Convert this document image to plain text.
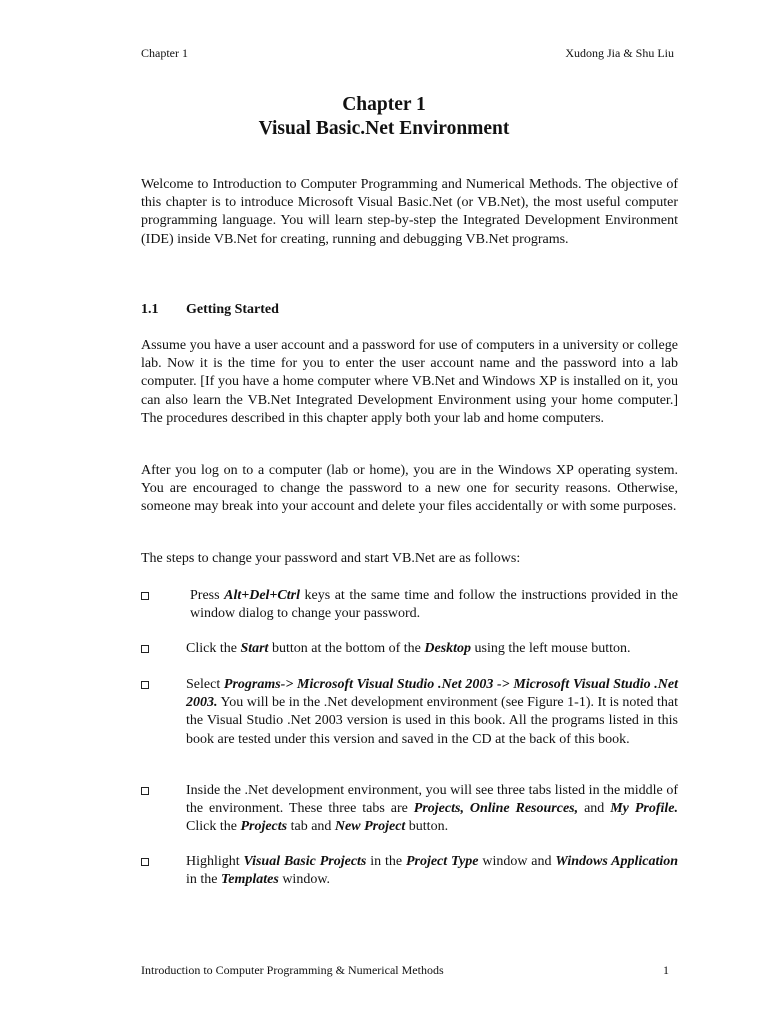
Chapter 1	Xudong Jia & Shu Liu
Chapter 1
Visual Basic.Net Environment

Welcome to Introduction to Computer Programming and Numerical Methods. The objective of this chapter is to introduce Microsoft Visual Basic.Net (or VB.Net), the most useful computer programming language. You will learn step-by-step the Integrated Development Environment (IDE) inside VB.Net for creating, running and debugging VB.Net programs.

1.1 Getting Started

Assume you have a user account and a password for use of computers in a university or college lab. Now it is the time for you to enter the user account name and the password into a lab computer. [If you have a home computer where VB.Net and Windows XP is installed on it, you can also learn the VB.Net Integrated Development Environment using your home computer.] The procedures described in this chapter apply both your lab and home computers.

After you log on to a computer (lab or home), you are in the Windows XP operating system. You are encouraged to change the password to a new one for security reasons. Otherwise, someone may break into your account and delete your files accidentally or with some purposes.

The steps to change your password and start VB.Net are as follows:

Press Alt+Del+Ctrl keys at the same time and follow the instructions provided in the window dialog to change your password.
Click the Start button at the bottom of the Desktop using the left mouse button.
Select Programs-> Microsoft Visual Studio .Net 2003 -> Microsoft Visual Studio .Net 2003. You will be in the .Net development environment (see Figure 1-1). It is noted that the Visual Studio .Net 2003 version is used in this book. All the programs listed in this book are tested under this version and saved in the CD at the back of this book.
Inside the .Net development environment, you will see three tabs listed in the middle of the environment. These three tabs are Projects, Online Resources, and My Profile. Click the Projects tab and New Project button.
Highlight Visual Basic Projects in the Project Type window and Windows Application in the Templates window.
Introduction to Computer Programming & Numerical Methods	1
